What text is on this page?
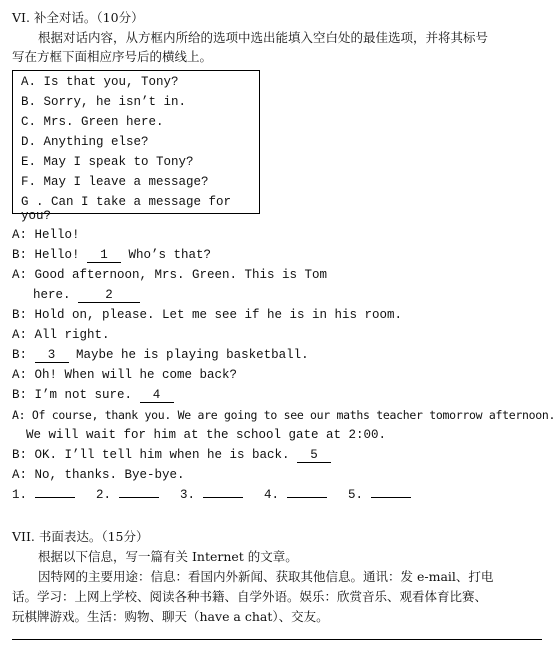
VI. 补全对话。（10分）
根据对话内容，从方框内所给的选项中选出能填入空白处的最佳选项，并将其标号
写在方框下面相应序号后的横线上。
A. Is that you, Tony?
B. Sorry, he isn’t in.
C. Mrs. Green here.
D. Anything else?
E. May I speak to Tony?
F. May I leave a message?
G . Can I take a message for you?
A: Hello!
B: Hello! 1 Who’s that?
A: Good afternoon, Mrs. Green. This is Tom
here.	2
B: Hold on, please. Let me see if he is in his room.
A: All right.
B: 3 Maybe he is playing basketball.
A: Oh! When will he come back?
B: I’m not sure. 4
A: Of course, thank you. We are going to see our maths teacher tomorrow afternoon.
We will wait for him at the school gate at 2:00.
B: OK. I’ll tell him when he is back. 5
A: No, thanks. Bye-bye.
1.	2.	3.	4.	5.
VII. 书面表达。（15分）
根据以下信息，写一篇有关 Internet 的文章。
因特网的主要用途：信息：看国内外新闻、获取其他信息。通讯：发 e-mail、打电
话。学习：上网上学校、阅读各种书籍、自学外语。娱乐：欣赏音乐、观看体育比赛、
玩棋牌游戏。生活：购物、聊天（have a chat）、交友。
